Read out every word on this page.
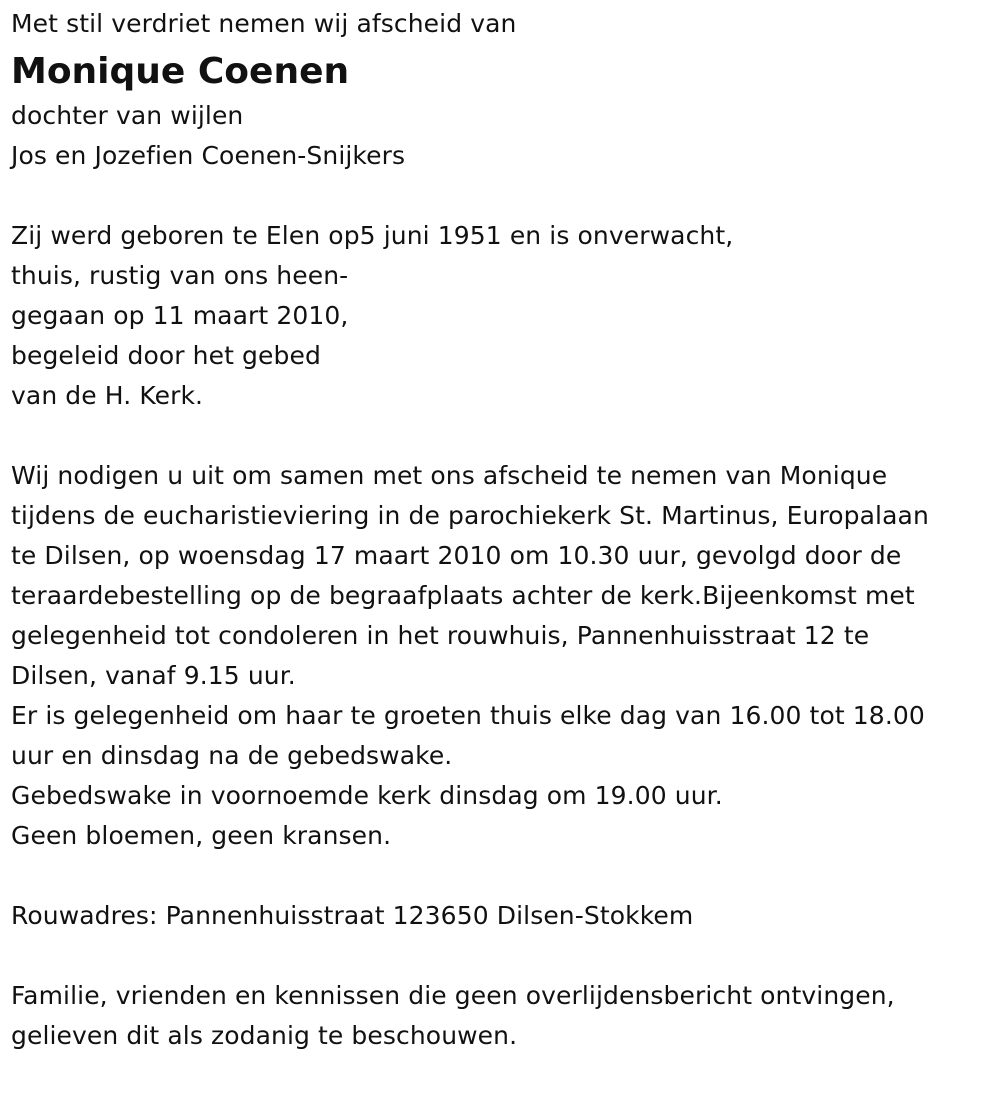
Met stil verdriet nemen wij afscheid van
Monique Coenen
dochter van wijlen
Jos en Jozefien Coenen-Snijkers
Zij werd geboren te Elen op5 juni 1951 en is onverwacht,
thuis, rustig van ons heen-
gegaan op 11 maart 2010,
begeleid door het gebed
van de H. Kerk.
Wij nodigen u uit om samen met ons afscheid te nemen van Monique
tijdens de eucharistieviering in de parochiekerk St. Martinus, Europalaan
te Dilsen, op woensdag 17 maart 2010 om 10.30 uur, gevolgd door de
teraardebestelling op de begraafplaats achter de kerk.Bijeenkomst met
gelegenheid tot condoleren in het rouwhuis, Pannenhuisstraat 12 te
Dilsen, vanaf 9.15 uur.
Er is gelegenheid om haar te groeten thuis elke dag van 16.00 tot 18.00
uur en dinsdag na de gebedswake.
Gebedswake in voornoemde kerk dinsdag om 19.00 uur.
Geen bloemen, geen kransen.
Rouwadres: Pannenhuisstraat 123650 Dilsen-Stokkem
Familie, vrienden en kennissen die geen overlijdensbericht ontvingen,
gelieven dit als zodanig te beschouwen.
